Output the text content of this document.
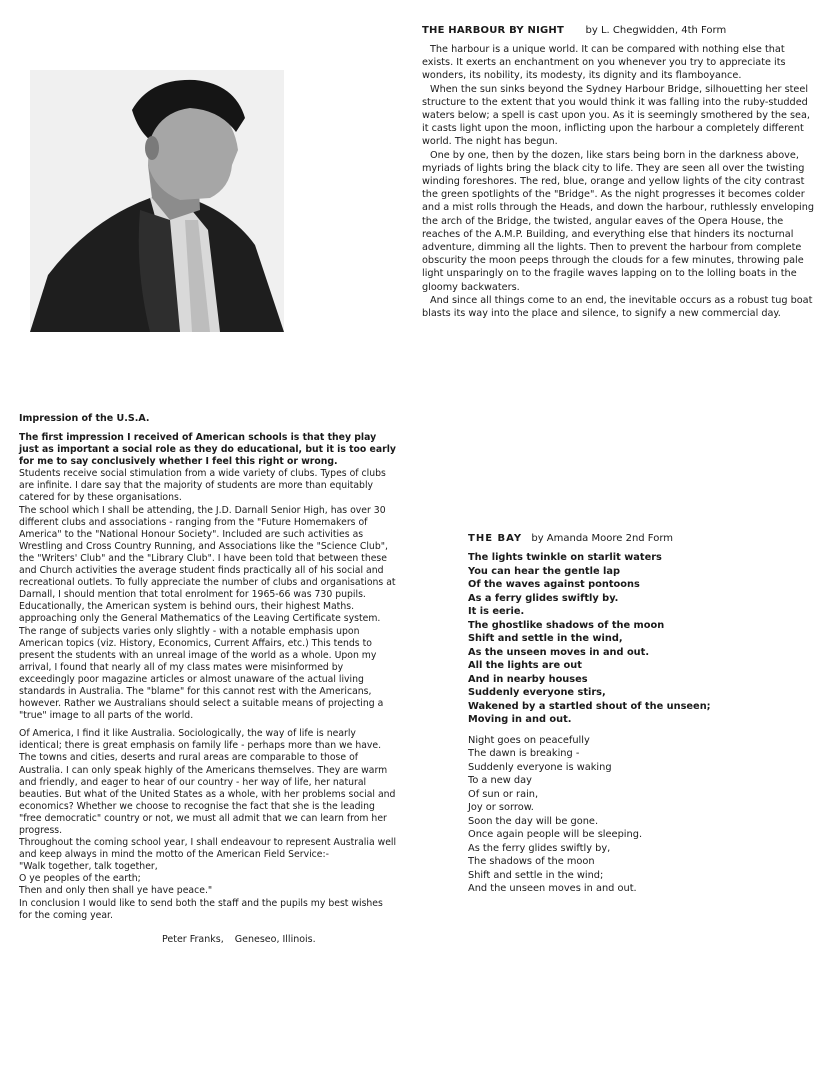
THE HARBOUR BY NIGHT by L. Chegwidden, 4th Form

The harbour is a unique world. It can be compared with nothing else that exists. It exerts an enchantment on you whenever you try to appreciate its wonders, its nobility, its modesty, its dignity and its flamboyance.

When the sun sinks beyond the Sydney Harbour Bridge, silhouetting her steel structure to the extent that you would think it was falling into the ruby-studded waters below; a spell is cast upon you. As it is seemingly smothered by the sea, it casts light upon the moon, inflicting upon the harbour a completely different world. The night has begun.

One by one, then by the dozen, like stars being born in the darkness above, myriads of lights bring the black city to life. They are seen all over the twisting winding foreshores. The red, blue, orange and yellow lights of the city contrast the green spotlights of the "Bridge". As the night progresses it becomes colder and a mist rolls through the Heads, and down the harbour, ruthlessly enveloping the arch of the Bridge, the twisted, angular eaves of the Opera House, the reaches of the A.M.P. Building, and everything else that hinders its nocturnal adventure, dimming all the lights. Then to prevent the harbour from complete obscurity the moon peeps through the clouds for a few minutes, throwing pale light unsparingly on to the fragile waves lapping on to the lolling boats in the gloomy backwaters.

And since all things come to an end, the inevitable occurs as a robust tug boat blasts its way into the place and silence, to signify a new commercial day.

Impression of the U.S.A.

The first impression I received of American schools is that they play just as important a social role as they do educational, but it is too early for me to say conclusively whether I feel this right or wrong.

Students receive social stimulation from a wide variety of clubs. Types of clubs are infinite. I dare say that the majority of students are more than equitably catered for by these organisations.

The school which I shall be attending, the J.D. Darnall Senior High, has over 30 different clubs and associations - ranging from the "Future Homemakers of America" to the "National Honour Society". Included are such activities as Wrestling and Cross Country Running, and Associations like the "Science Club", the "Writers' Club" and the "Library Club". I have been told that between these and Church activities the average student finds practically all of his social and recreational outlets. To fully appreciate the number of clubs and organisations at Darnall, I should mention that total enrolment for 1965-66 was 730 pupils.

Educationally, the American system is behind ours, their highest Maths. approaching only the General Mathematics of the Leaving Certificate system. The range of subjects varies only slightly - with a notable emphasis upon American topics (viz. History, Economics, Current Affairs, etc.) This tends to present the students with an unreal image of the world as a whole. Upon my arrival, I found that nearly all of my class mates were misinformed by exceedingly poor magazine articles or almost unaware of the actual living standards in Australia. The "blame" for this cannot rest with the Americans, however. Rather we Australians should select a suitable means of projecting a "true" image to all parts of the world.

Of America, I find it like Australia. Sociologically, the way of life is nearly identical; there is great emphasis on family life - perhaps more than we have. The towns and cities, deserts and rural areas are comparable to those of Australia. I can only speak highly of the Americans themselves. They are warm and friendly, and eager to hear of our country - her way of life, her natural beauties. But what of the United States as a whole, with her problems social and economics? Whether we choose to recognise the fact that she is the leading "free democratic" country or not, we must all admit that we can learn from her progress.

Throughout the coming school year, I shall endeavour to represent Australia well and keep always in mind the motto of the American Field Service:-

"Walk together, talk together,

O ye peoples of the earth;

Then and only then shall ye have peace."

In conclusion I would like to send both the staff and the pupils my best wishes for the coming year.

Peter Franks, Geneseo, Illinois.
THE BAY by Amanda Moore 2nd Form
The lights twinkle on starlit waters
You can hear the gentle lap
Of the waves against pontoons
As a ferry glides swiftly by.
It is eerie.
The ghostlike shadows of the moon
Shift and settle in the wind,
As the unseen moves in and out.
All the lights are out
And in nearby houses
Suddenly everyone stirs,
Wakened by a startled shout of the unseen;
Moving in and out.
Night goes on peacefully
The dawn is breaking -
Suddenly everyone is waking
To a new day
Of sun or rain,
Joy or sorrow.
Soon the day will be gone.
Once again people will be sleeping.
As the ferry glides swiftly by,
The shadows of the moon
Shift and settle in the wind;
And the unseen moves in and out.
